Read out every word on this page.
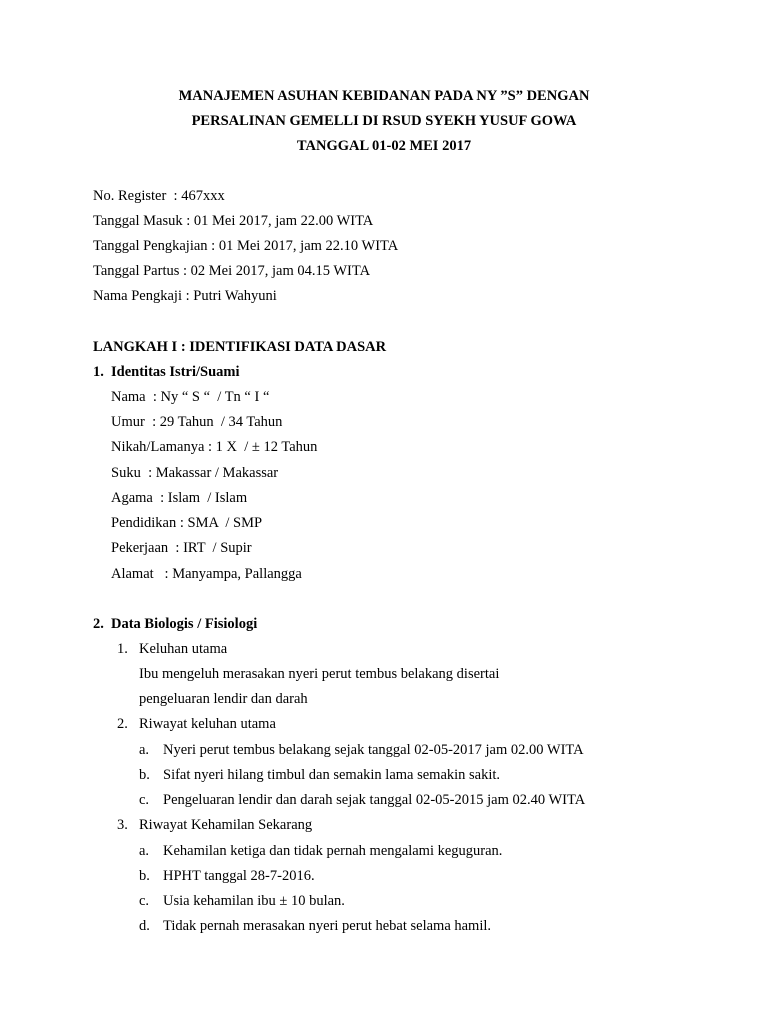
MANAJEMEN ASUHAN KEBIDANAN PADA NY ”S” DENGAN
PERSALINAN GEMELLI DI RSUD SYEKH YUSUF GOWA
TANGGAL 01-02 MEI 2017
No. Register  : 467xxx
Tanggal Masuk : 01 Mei 2017, jam 22.00 WITA
Tanggal Pengkajian : 01 Mei 2017, jam 22.10 WITA
Tanggal Partus : 02 Mei 2017, jam 04.15 WITA
Nama Pengkaji : Putri Wahyuni
LANGKAH I : IDENTIFIKASI DATA DASAR
1. Identitas Istri/Suami
Nama  : Ny “ S “  / Tn “ I “
Umur  : 29 Tahun  / 34 Tahun
Nikah/Lamanya : 1 X  / ± 12 Tahun
Suku  : Makassar / Makassar
Agama  : Islam  / Islam
Pendidikan : SMA  / SMP
Pekerjaan  : IRT  / Supir
Alamat   : Manyampa, Pallangga
2. Data Biologis / Fisiologi
1. Keluhan utama
Ibu mengeluh merasakan nyeri perut tembus belakang disertai
pengeluaran lendir dan darah
2. Riwayat keluhan utama
a. Nyeri perut tembus belakang sejak tanggal 02-05-2017 jam 02.00 WITA
b. Sifat nyeri hilang timbul dan semakin lama semakin sakit.
c. Pengeluaran lendir dan darah sejak tanggal 02-05-2015 jam 02.40 WITA
3. Riwayat Kehamilan Sekarang
a. Kehamilan ketiga dan tidak pernah mengalami keguguran.
b. HPHT tanggal 28-7-2016.
c. Usia kehamilan ibu ± 10 bulan.
d. Tidak pernah merasakan nyeri perut hebat selama hamil.
